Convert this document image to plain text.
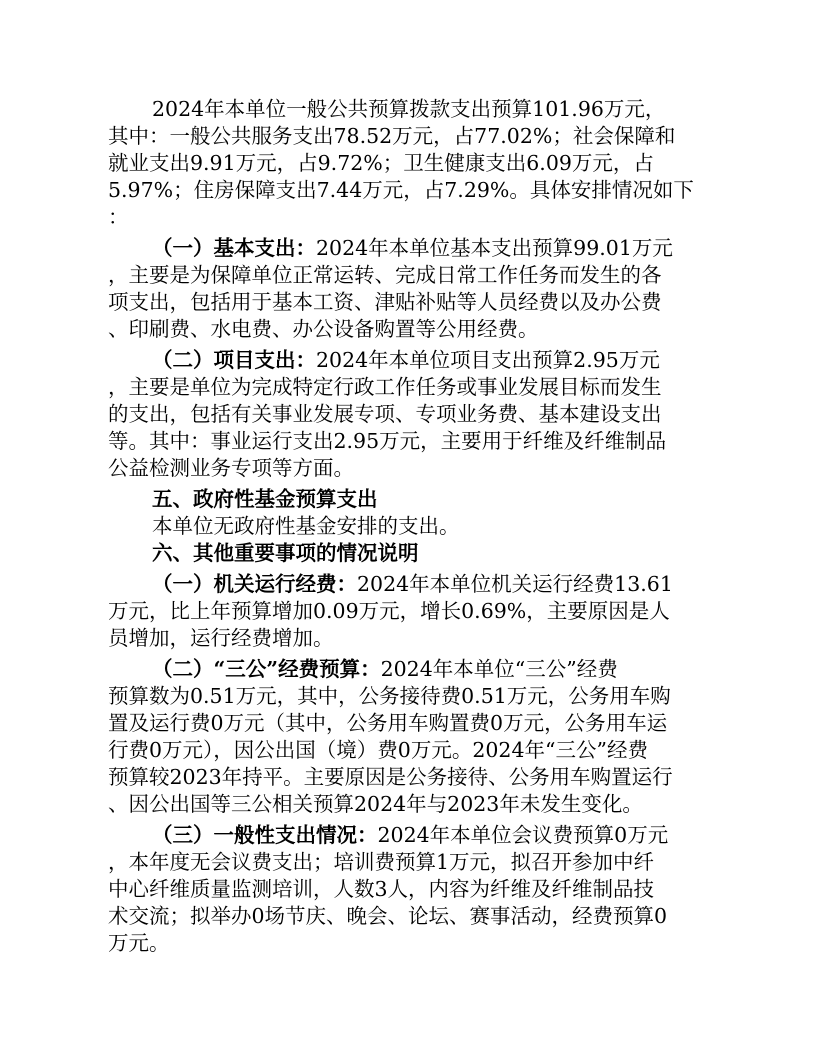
2024年本单位一般公共预算拨款支出预算101.96万元，

其中：一般公共服务支出78.52万元，占77.02%；社会保障和

就业支出9.91万元，占9.72%；卫生健康支出6.09万元，占

5.97%；住房保障支出7.44万元，占7.29%。具体安排情况如下

：

（一）基本支出：2024年本单位基本支出预算99.01万元

，主要是为保障单位正常运转、完成日常工作任务而发生的各

项支出，包括用于基本工资、津贴补贴等人员经费以及办公费

、印刷费、水电费、办公设备购置等公用经费。

（二）项目支出：2024年本单位项目支出预算2.95万元

，主要是单位为完成特定行政工作任务或事业发展目标而发生

的支出，包括有关事业发展专项、专项业务费、基本建设支出

等。其中：事业运行支出2.95万元，主要用于纤维及纤维制品

公益检测业务专项等方面。

五、政府性基金预算支出

本单位无政府性基金安排的支出。

六、其他重要事项的情况说明

（一）机关运行经费：2024年本单位机关运行经费13.61

万元，比上年预算增加0.09万元，增长0.69%，主要原因是人

员增加，运行经费增加。

（二）“三公”经费预算：2024年本单位“三公”经费

预算数为0.51万元，其中，公务接待费0.51万元，公务用车购

置及运行费0万元（其中，公务用车购置费0万元，公务用车运

行费0万元），因公出国（境）费0万元。2024年“三公”经费

预算较2023年持平。主要原因是公务接待、公务用车购置运行

、因公出国等三公相关预算2024年与2023年未发生变化。

（三）一般性支出情况：2024年本单位会议费预算0万元

，本年度无会议费支出；培训费预算1万元，拟召开参加中纤

中心纤维质量监测培训，人数3人，内容为纤维及纤维制品技

术交流；拟举办0场节庆、晚会、论坛、赛事活动，经费预算0

万元。
